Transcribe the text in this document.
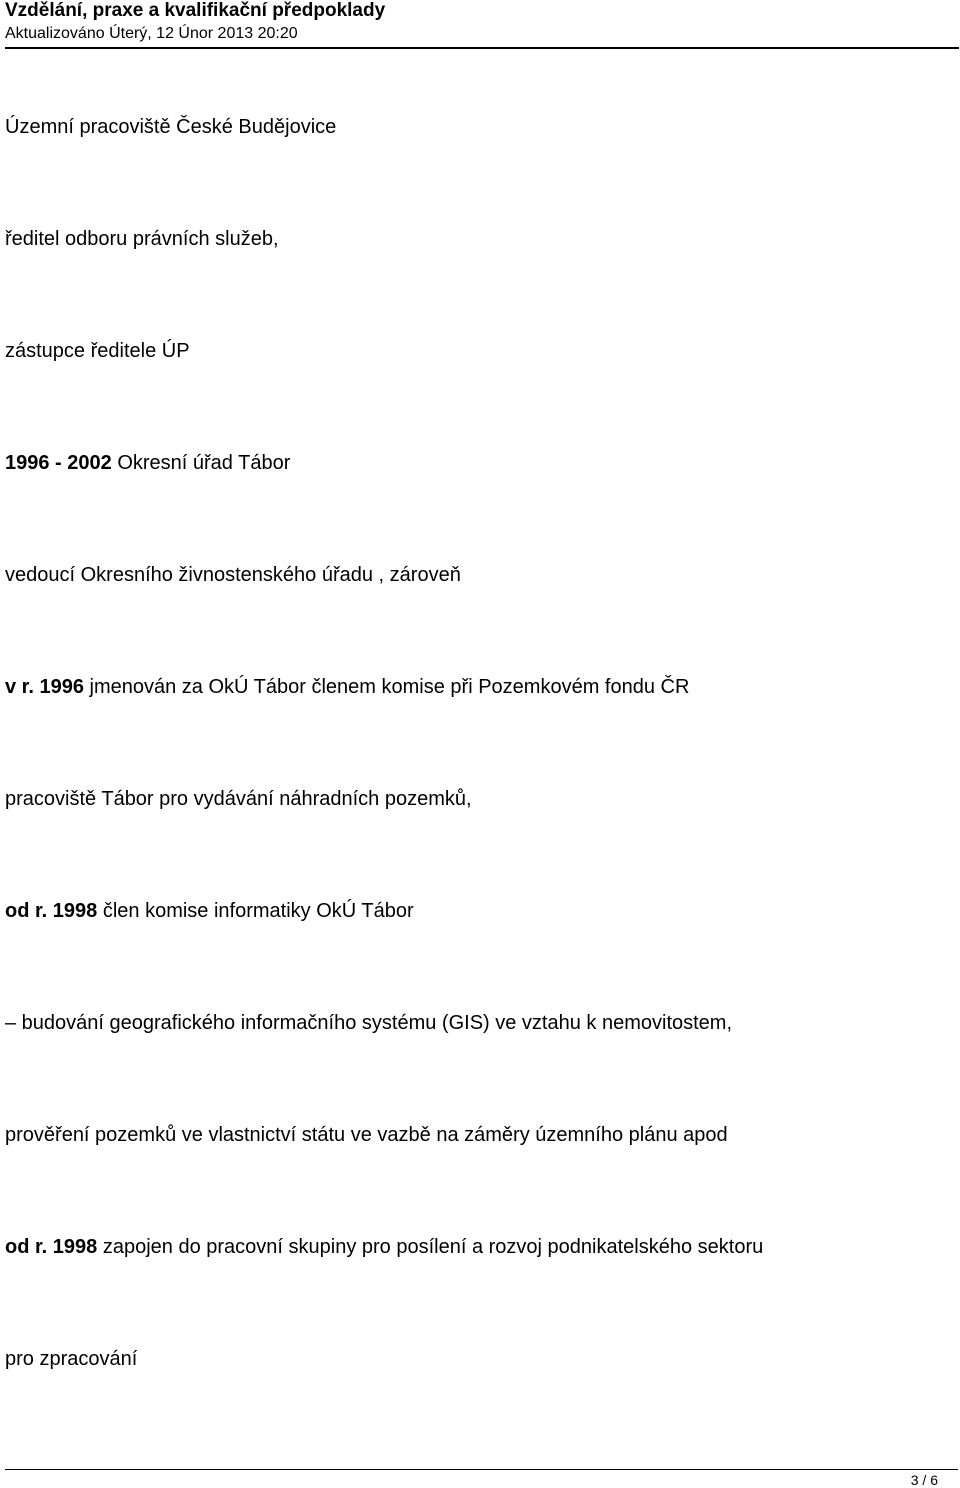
Vzdělání, praxe a kvalifikační předpoklady
Aktualizováno Úterý, 12 Únor 2013 20:20
Územní pracoviště České Budějovice
ředitel odboru právních služeb,
zástupce ředitele ÚP
1996 - 2002 Okresní úřad Tábor
vedoucí Okresního živnostenského úřadu , zároveň
v r. 1996 jmenován za OkÚ Tábor členem komise při Pozemkovém fondu ČR
pracoviště Tábor pro vydávání náhradních pozemků,
od r. 1998 člen komise informatiky OkÚ Tábor
– budování geografického informačního systému (GIS) ve vztahu k nemovitostem,
prověření pozemků ve vlastnictví státu ve vazbě na záměry územního plánu apod
od r. 1998 zapojen do pracovní skupiny pro posílení a rozvoj podnikatelského sektoru
pro zpracování
3 / 6
